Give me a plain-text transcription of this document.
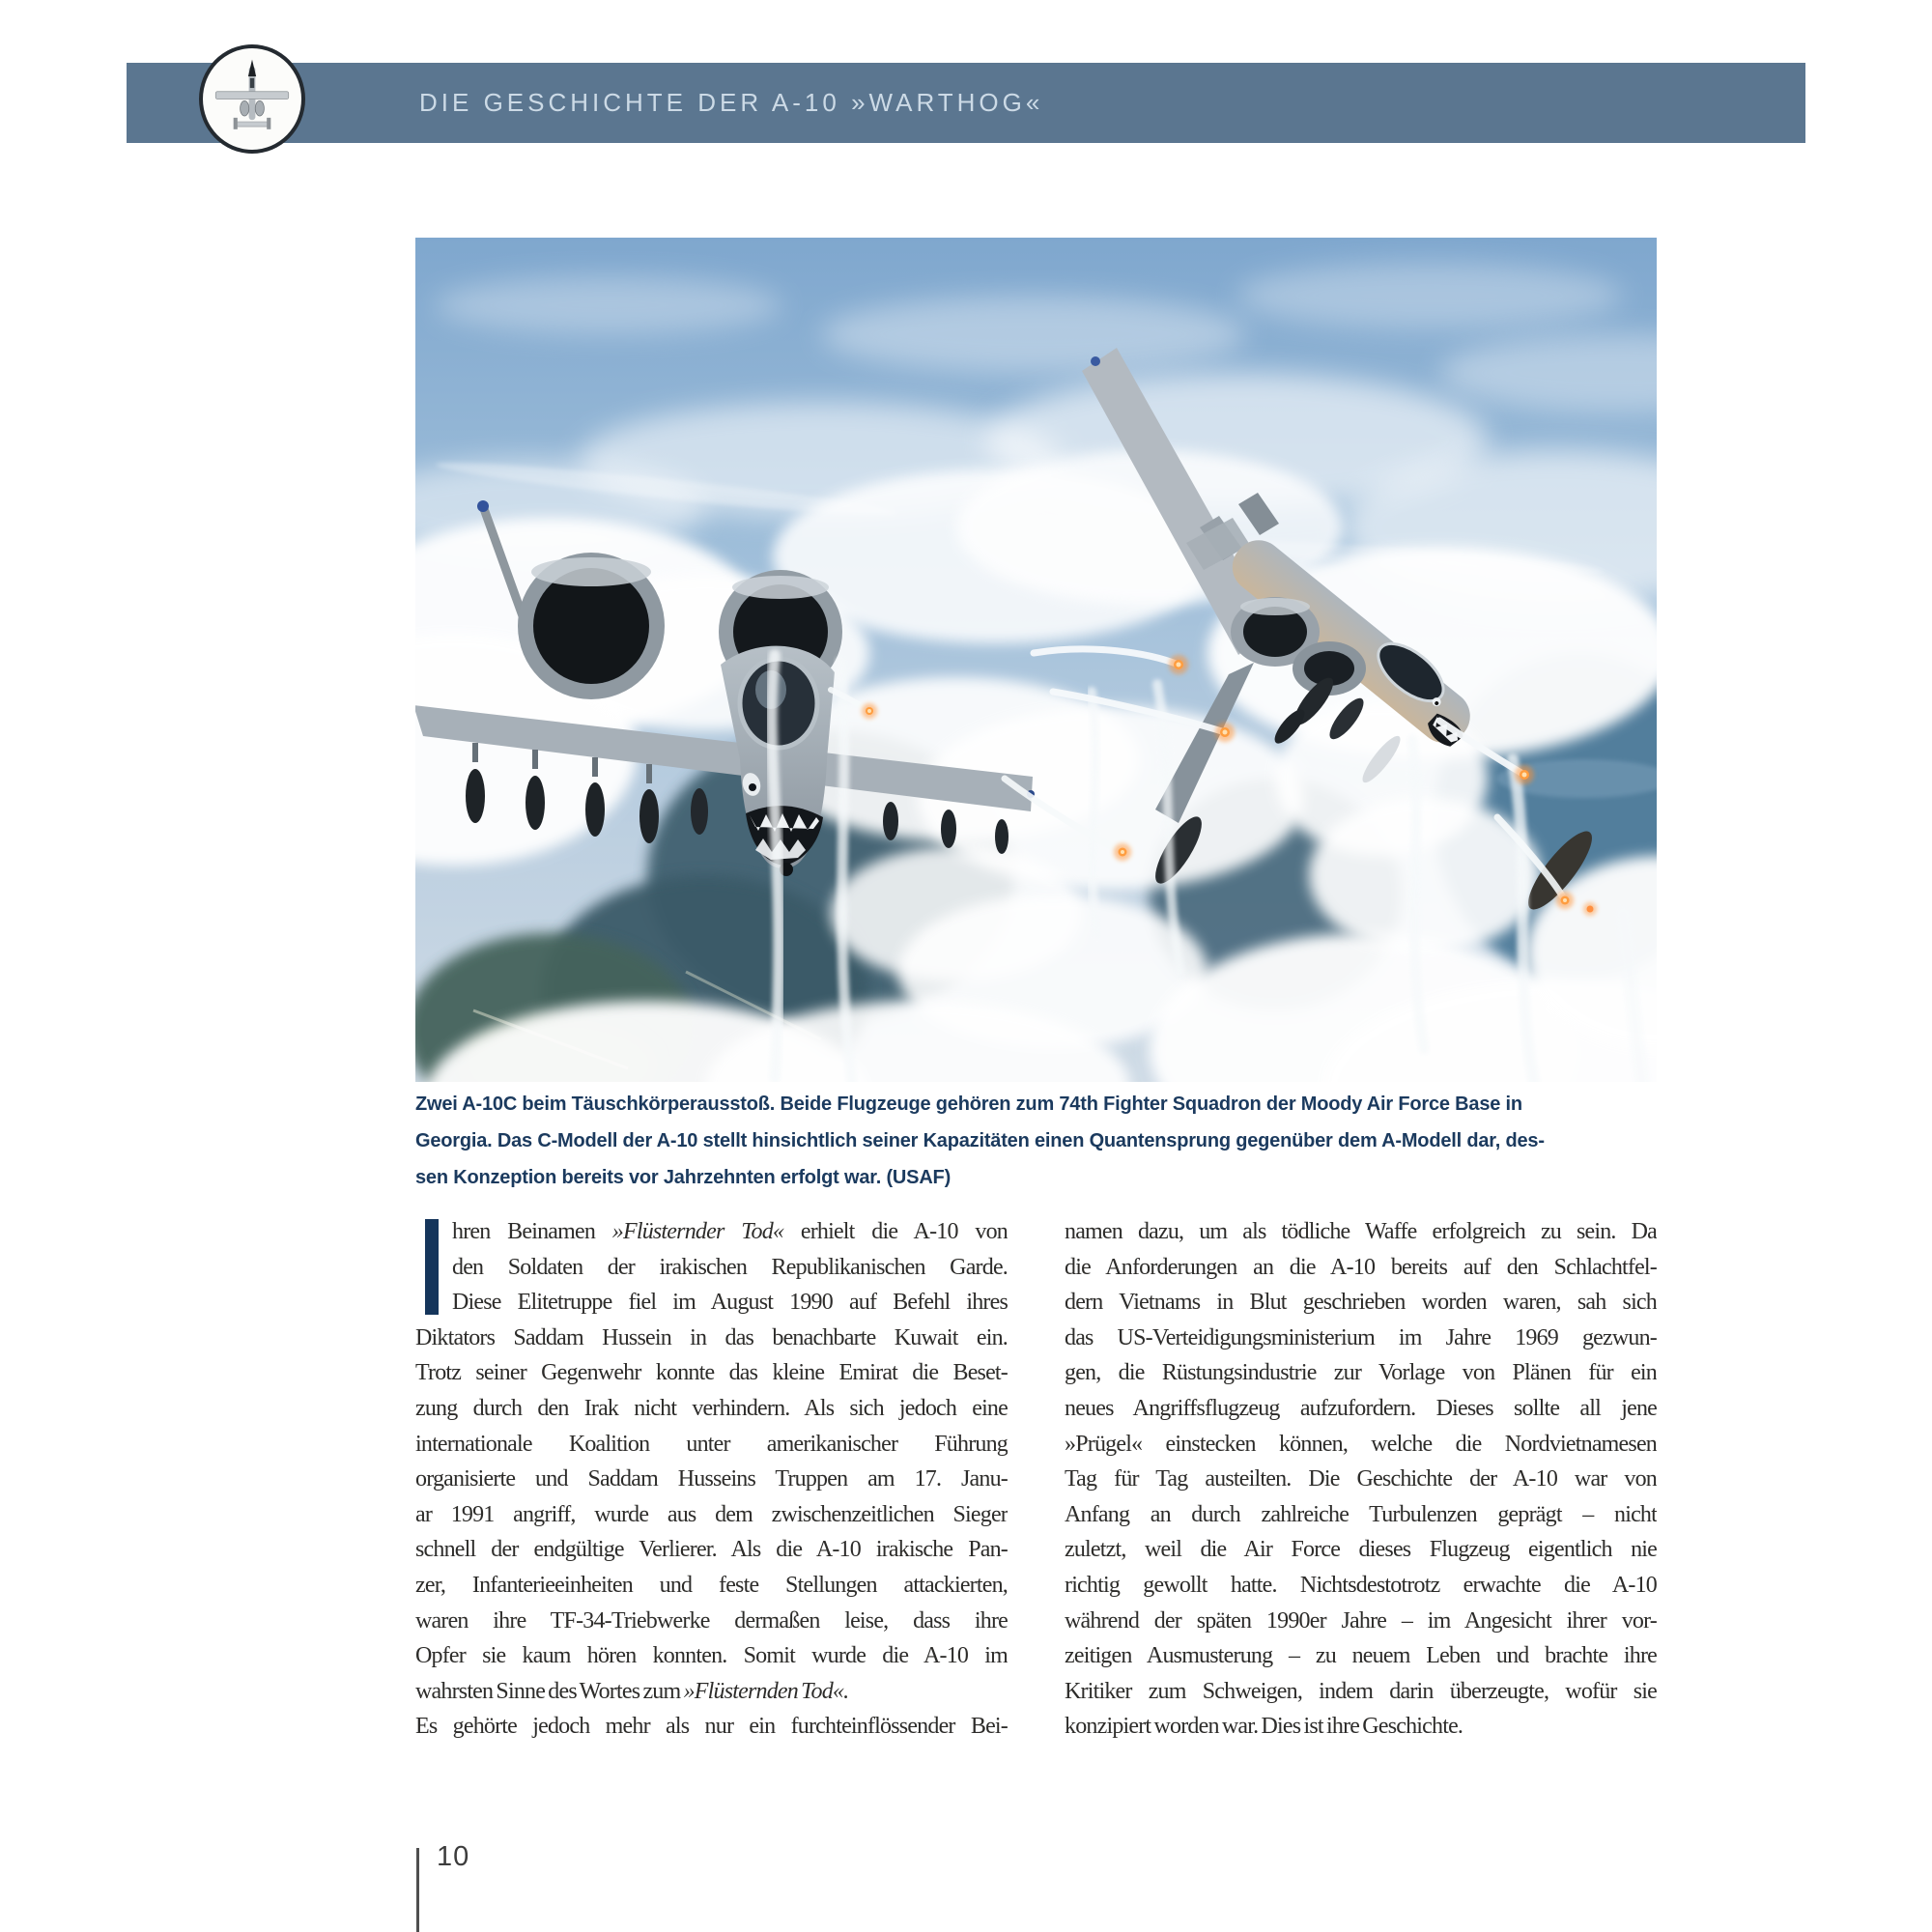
DIE GESCHICHTE DER A-10 »WARTHOG«
Zwei A-10C beim Täuschkörperausstoß. Beide Flugzeuge gehören zum 74th Fighter Squadron der Moody Air Force Base in
Georgia. Das C-Modell der A-10 stellt hinsichtlich seiner Kapazitäten einen Quantensprung gegenüber dem A-Modell dar, des-
sen Konzeption bereits vor Jahrzehnten erfolgt war. (USAF)
hren Beinamen »Flüsternder Tod« erhielt die A-10 von
den Soldaten der irakischen Republikanischen Garde.
Diese Elitetruppe fiel im August 1990 auf Befehl ihres
Diktators Saddam Hussein in das benachbarte Kuwait ein.
Trotz seiner Gegenwehr konnte das kleine Emirat die Beset-
zung durch den Irak nicht verhindern. Als sich jedoch eine
internationale Koalition unter amerikanischer Führung
organisierte und Saddam Husseins Truppen am 17. Janu-
ar 1991 angriff, wurde aus dem zwischenzeitlichen Sieger
schnell der endgültige Verlierer. Als die A-10 irakische Pan-
zer, Infanterieeinheiten und feste Stellungen attackierten,
waren ihre TF-34-Triebwerke dermaßen leise, dass ihre
Opfer sie kaum hören konnten. Somit wurde die A-10 im
wahrsten Sinne des Wortes zum »Flüsternden Tod«.
Es gehörte jedoch mehr als nur ein furchteinflössender Bei-
namen dazu, um als tödliche Waffe erfolgreich zu sein. Da
die Anforderungen an die A-10 bereits auf den Schlachtfel-
dern Vietnams in Blut geschrieben worden waren, sah sich
das US-Verteidigungsministerium im Jahre 1969 gezwun-
gen, die Rüstungsindustrie zur Vorlage von Plänen für ein
neues Angriffsflugzeug aufzufordern. Dieses sollte all jene
»Prügel« einstecken können, welche die Nordvietnamesen
Tag für Tag austeilten. Die Geschichte der A-10 war von
Anfang an durch zahlreiche Turbulenzen geprägt – nicht
zuletzt, weil die Air Force dieses Flugzeug eigentlich nie
richtig gewollt hatte. Nichtsdestotrotz erwachte die A-10
während der späten 1990er Jahre – im Angesicht ihrer vor-
zeitigen Ausmusterung – zu neuem Leben und brachte ihre
Kritiker zum Schweigen, indem darin überzeugte, wofür sie
konzipiert worden war. Dies ist ihre Geschichte.
10
